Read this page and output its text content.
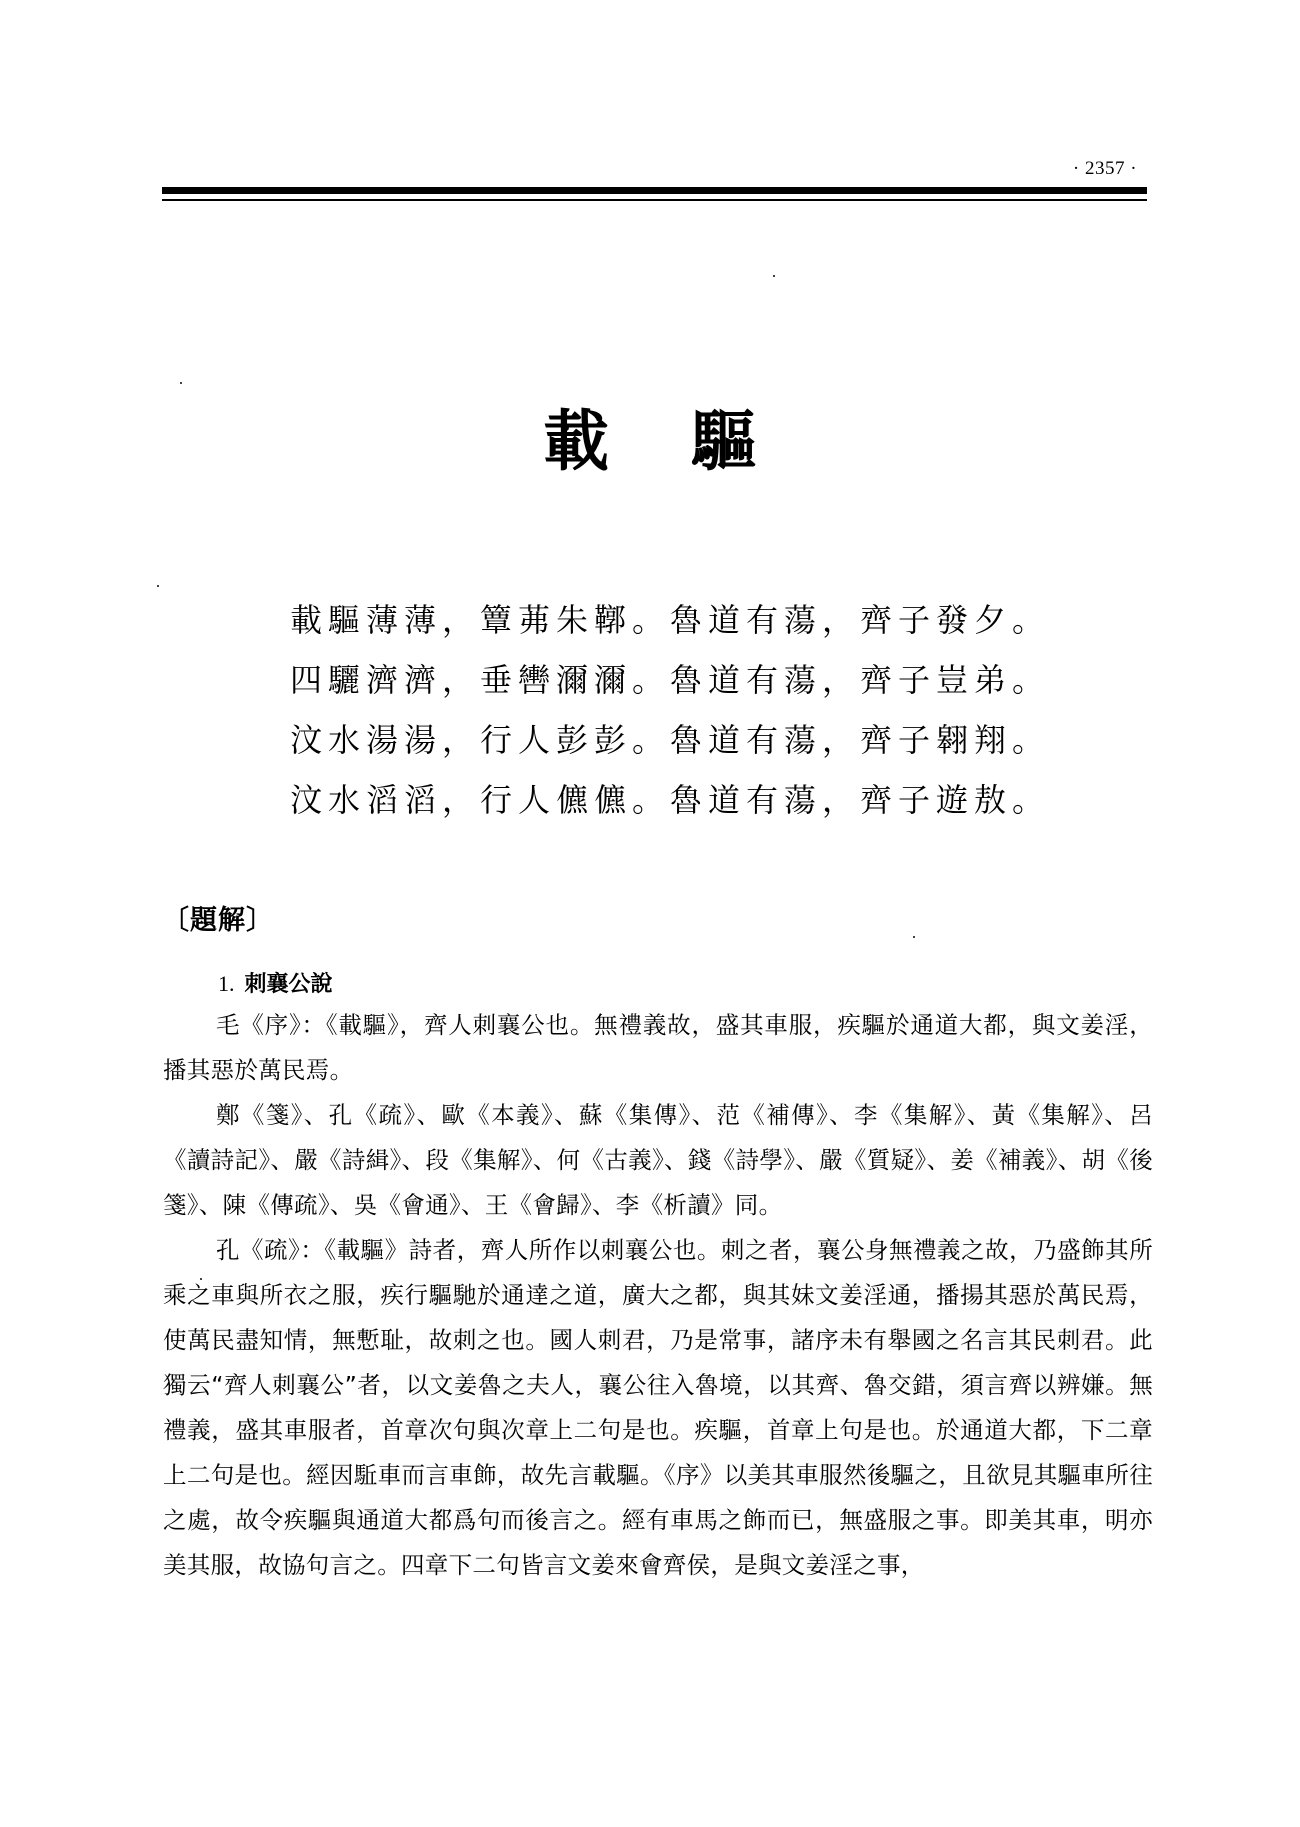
· 2357 ·
載驅
載驅薄薄，簟茀朱鞹。魯道有蕩，齊子發夕。
四驪濟濟，垂轡濔濔。魯道有蕩，齊子豈弟。
汶水湯湯，行人彭彭。魯道有蕩，齊子翱翔。
汶水滔滔，行人儦儦。魯道有蕩，齊子遊敖。
〔題解〕
1. 刺襄公說

毛《序》：《載驅》，齊人刺襄公也。無禮義故，盛其車服，疾驅於通道大都，與文姜淫，播其惡於萬民焉。

鄭《箋》、孔《疏》、歐《本義》、蘇《集傳》、范《補傳》、李《集解》、黃《集解》、呂《讀詩記》、嚴《詩緝》、段《集解》、何《古義》、錢《詩學》、嚴《質疑》、姜《補義》、胡《後箋》、陳《傳疏》、吳《會通》、王《會歸》、李《析讀》同。

孔《疏》：《載驅》詩者，齊人所作以刺襄公也。刺之者，襄公身無禮義之故，乃盛飾其所乘之車與所衣之服，疾行驅馳於通達之道，廣大之都，與其妹文姜淫通，播揚其惡於萬民焉，使萬民盡知情，無慙耻，故刺之也。國人刺君，乃是常事，諸序未有舉國之名言其民刺君。此獨云“齊人刺襄公”者，以文姜魯之夫人，襄公往入魯境，以其齊、魯交錯，須言齊以辨嫌。無禮義，盛其車服者，首章次句與次章上二句是也。疾驅，首章上句是也。於通道大都，下二章上二句是也。經因駈車而言車飾，故先言載驅。《序》以美其車服然後驅之，且欲見其驅車所往之處，故令疾驅與通道大都爲句而後言之。經有車馬之飾而已，無盛服之事。即美其車，明亦美其服，故協句言之。四章下二句皆言文姜來會齊侯，是與文姜淫之事，
